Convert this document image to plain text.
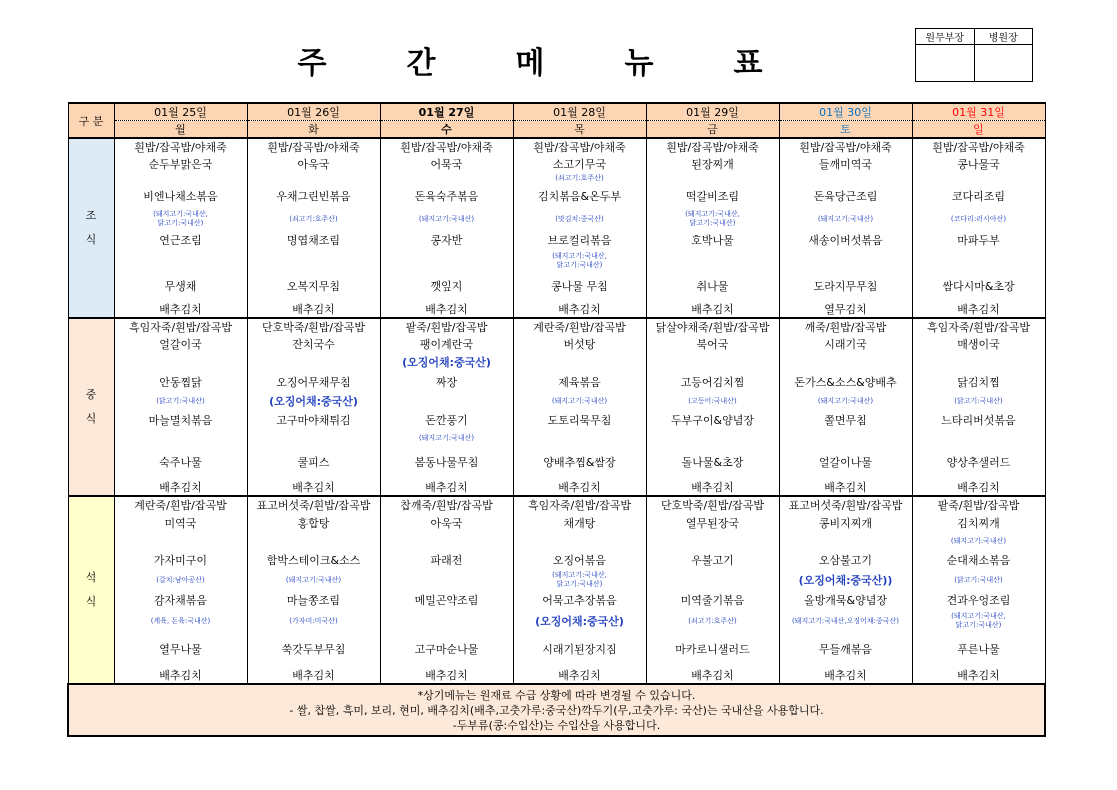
주	간	메	뉴	표
원무부장	병원장

구 분	01월 25일	01월 26일	01월 27일	01월 28일	01월 29일	01월 30일	01월 31일
	월	화	수	목	금	토	일
조
식	흰밥/잡곡밥/야채죽	흰밥/잡곡밥/야채죽	흰밥/잡곡밥/야채죽	흰밥/잡곡밥/야채죽	흰밥/잡곡밥/야채죽	흰밥/잡곡밥/야채죽	흰밥/잡곡밥/야채죽
	순두부맑은국	아욱국	어묵국	소고기무국	된장찌개	들깨미역국	콩나물국

				(쇠고기:호주산)			

	비엔나채소볶음	우채그린빈볶음	돈육숙주볶음	김치볶음&온두부	떡갈비조림	돈육당근조림	코다리조림

	(돼지고기:국내산,
닭고기:국내산)	(쇠고기:호주산)	(돼지고기:국내산)	(맛김치:중국산)	(돼지고기:국내산,
닭고기:국내산)	(돼지고기:국내산)	(코다리:러시아산)

	연근조림	명엽채조림	콩자반	브로컬리볶음	호박나물	새송이버섯볶음	마파두부

				(돼지고기:국내산,
닭고기:국내산)			

	무생채	오복지무침	깻잎지	콩나물 무침	취나물	도라지무무침	쌈다시마&초장
	배추김치	배추김치	배추김치	배추김치	배추김치	열무김치	배추김치
중
식	흑임자죽/흰밥/잡곡밥	단호박죽/흰밥/잡곡밥	팥죽/흰밥/잡곡밥	계란죽/흰밥/잡곡밥	닭살야채죽/흰밥/잡곡밥	깨죽/흰밥/잡곡밥	흑임자죽/흰밥/잡곡밥
	얼갈이국	잔치국수	팽이계란국	버섯탕	북어국	시래기국	매생이국
			(오징어채:중국산)				
	안동찜닭	오징어무채무침	짜장	제육볶음	고등어김치찜	돈가스&소스&양배추	닭김치찜

	(닭고기:국내산)	(오징어채:중국산)		(돼지고기:국내산)	(고등어:국내산)	(돼지고기:국내산)	(닭고기:국내산)

	마늘멸치볶음	고구마야채튀김	돈깐풍기	도토리묵무침	두부구이&양념장	쫄면무침	느타리버섯볶음

			(돼지고기:국내산)				

	숙주나물	쿨피스	봄동나물무침	양배추찜&쌈장	돌나물&초장	얼갈이나물	양상추샐러드
	배추김치	배추김치	배추김치	배추김치	배추김치	배추김치	배추김치
석
식	계란죽/흰밥/잡곡밥	표고버섯죽/흰밥/잡곡밥	찹깨죽/흰밥/잡곡밥	흑임자죽/흰밥/잡곡밥	단호박죽/흰밥/잡곡밥	표고버섯죽/흰밥/잡곡밥	팥죽/흰밥/잡곡밥
	미역국	홍합탕	아욱국	채개탕	열무된장국	콩비지찌개	김치찌개

							(돼지고기:국내산)

	가자미구이	함박스테이크&소스	파래전	오징어볶음	우불고기	오삼불고기	순대채소볶음

	(갈치:남아공산)	(돼지고기:국내산)		(돼지고기:국내산,
닭고기:국내산)		(오징어채:중국산))	(닭고기:국내산)

	감자채볶음	마늘쫑조림	메밀곤약조림	어묵고추장볶음	미역줄기볶음	올방개묵&양념장	견과우엉조림

	(계육, 돈육:국내산)	(가자미:미국산)		(오징어채:중국산)	(쇠고기:호주산)	(돼지고기:국내산,오징어채:중국산)	(돼지고기:국내산,
닭고기:국내산)

	열무나물	쑥갓두부무침	고구마순나물	시래기된장지짐	마카로니샐러드	무들깨볶음	푸른나물
	배추김치	배추김치	배추김치	배추김치	배추김치	배추김치	배추김치

*상기메뉴는 원재료 수급 상황에 따라 변경될 수 있습니다.
- 쌀, 찹쌀, 흑미, 보리, 현미, 배추김치(배추,고춧가루:중국산)깍두기(무,고춧가루: 국산)는 국내산을 사용합니다.
-두부류(콩:수입산)는 수입산을 사용합니다.							
